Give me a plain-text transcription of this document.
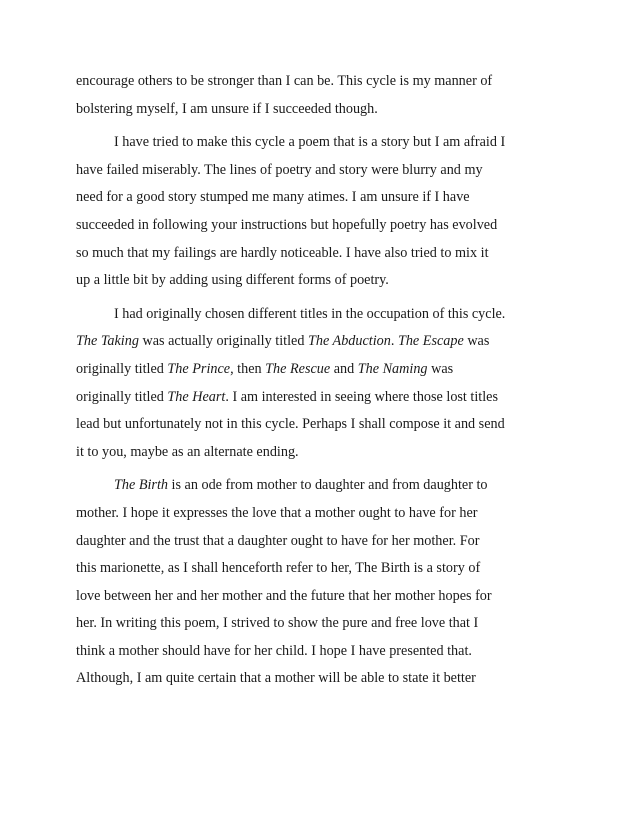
encourage others to be stronger than I can be. This cycle is my manner of
bolstering myself, I am unsure if I succeeded though.
I have tried to make this cycle a poem that is a story but I am afraid I
have failed miserably. The lines of poetry and story were blurry and my
need for a good story stumped me many atimes. I am unsure if I have
succeeded in following your instructions but hopefully poetry has evolved
so much that my failings are hardly noticeable. I have also tried to mix it
up a little bit by adding using different forms of poetry.
I had originally chosen different titles in the occupation of this cycle.
The Taking was actually originally titled The Abduction. The Escape was
originally titled The Prince, then The Rescue and The Naming was
originally titled The Heart. I am interested in seeing where those lost titles
lead but unfortunately not in this cycle. Perhaps I shall compose it and send
it to you, maybe as an alternate ending.
The Birth is an ode from mother to daughter and from daughter to
mother. I hope it expresses the love that a mother ought to have for her
daughter and the trust that a daughter ought to have for her mother. For
this marionette, as I shall henceforth refer to her, The Birth is a story of
love between her and her mother and the future that her mother hopes for
her. In writing this poem, I strived to show the pure and free love that I
think a mother should have for her child. I hope I have presented that.
Although, I am quite certain that a mother will be able to state it better
